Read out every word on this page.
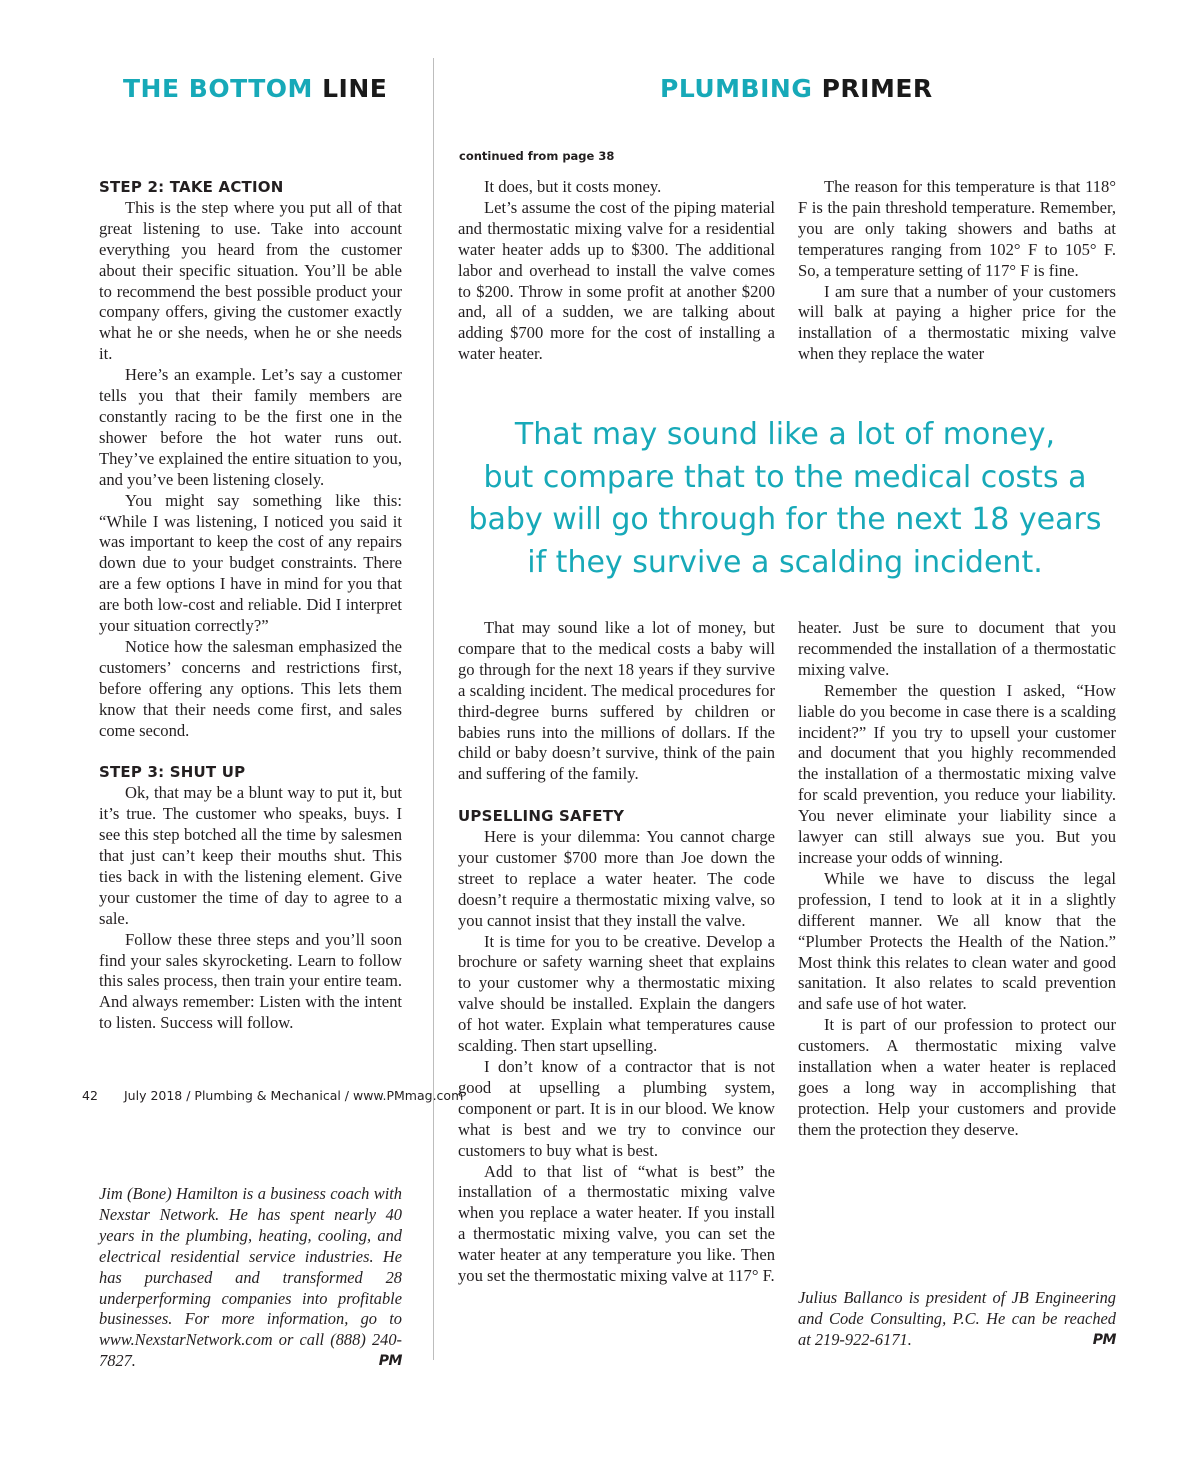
THE BOTTOM LINE	PLUMBING PRIMER
continued from page 38
STEP 2: TAKE ACTION

This is the step where you put all of that great listening to use. Take into account everything you heard from the customer about their specific situation. You’ll be able to recommend the best possible product your company offers, giving the customer exactly what he or she needs, when he or she needs it.

Here’s an example. Let’s say a customer tells you that their family members are constantly racing to be the first one in the shower before the hot water runs out. They’ve explained the entire situation to you, and you’ve been listening closely.

You might say something like this: “While I was listening, I noticed you said it was important to keep the cost of any repairs down due to your budget constraints. There are a few options I have in mind for you that are both low-cost and reliable. Did I interpret your situation correctly?”

Notice how the salesman emphasized the customers’ concerns and restrictions first, before offering any options. This lets them know that their needs come first, and sales come second.

STEP 3: SHUT UP

Ok, that may be a blunt way to put it, but it’s true. The customer who speaks, buys. I see this step botched all the time by salesmen that just can’t keep their mouths shut. This ties back in with the listening element. Give your customer the time of day to agree to a sale.

Follow these three steps and you’ll soon find your sales skyrocketing. Learn to follow this sales process, then train your entire team. And always remember: Listen with the intent to listen. Success will follow.

Jim (Bone) Hamilton is a business coach with Nexstar Network. He has spent nearly 40 years in the plumbing, heating, cooling, and electrical residential service industries. He has purchased and transformed 28 underperforming companies into profitable businesses. For more information, go to www.NexstarNetwork.com or call (888) 240-7827.	PM

It does, but it costs money.

Let’s assume the cost of the piping material and thermostatic mixing valve for a residential water heater adds up to $300. The additional labor and overhead to install the valve comes to $200. Throw in some profit at another $200 and, all of a sudden, we are talking about adding $700 more for the cost of installing a water heater.

The reason for this temperature is that 118° F is the pain threshold temperature. Remember, you are only taking showers and baths at temperatures ranging from 102° F to 105° F. So, a temperature setting of 117° F is fine.

I am sure that a number of your customers will balk at paying a higher price for the installation of a thermostatic mixing valve when they replace the water

That may sound like a lot of money,
but compare that to the medical costs a
baby will go through for the next 18 years
if they survive a scalding incident.

That may sound like a lot of money, but compare that to the medical costs a baby will go through for the next 18 years if they survive a scalding incident. The medical procedures for third-degree burns suffered by children or babies runs into the millions of dollars. If the child or baby doesn’t survive, think of the pain and suffering of the family.

UPSELLING SAFETY

Here is your dilemma: You cannot charge your customer $700 more than Joe down the street to replace a water heater. The code doesn’t require a thermostatic mixing valve, so you cannot insist that they install the valve.

It is time for you to be creative. Develop a brochure or safety warning sheet that explains to your customer why a thermostatic mixing valve should be installed. Explain the dangers of hot water. Explain what temperatures cause scalding. Then start upselling.

I don’t know of a contractor that is not good at upselling a plumbing system, component or part. It is in our blood. We know what is best and we try to convince our customers to buy what is best.

Add to that list of “what is best” the installation of a thermostatic mixing valve when you replace a water heater. If you install a thermostatic mixing valve, you can set the water heater at any temperature you like. Then you set the thermostatic mixing valve at 117° F.

heater. Just be sure to document that you recommended the installation of a thermostatic mixing valve.

Remember the question I asked, “How liable do you become in case there is a scalding incident?” If you try to upsell your customer and document that you highly recommended the installation of a thermostatic mixing valve for scald prevention, you reduce your liability. You never eliminate your liability since a lawyer can still always sue you. But you increase your odds of winning.

While we have to discuss the legal profession, I tend to look at it in a slightly different manner. We all know that the “Plumber Protects the Health of the Nation.” Most think this relates to clean water and good sanitation. It also relates to scald prevention and safe use of hot water.

It is part of our profession to protect our customers. A thermostatic mixing valve installation when a water heater is replaced goes a long way in accomplishing that protection. Help your customers and provide them the protection they deserve.

Julius Ballanco is president of JB Engineering and Code Consulting, P.C. He can be reached at 219-922-6171.	PM
42 July 2018 / Plumbing & Mechanical / www.PMmag.com
